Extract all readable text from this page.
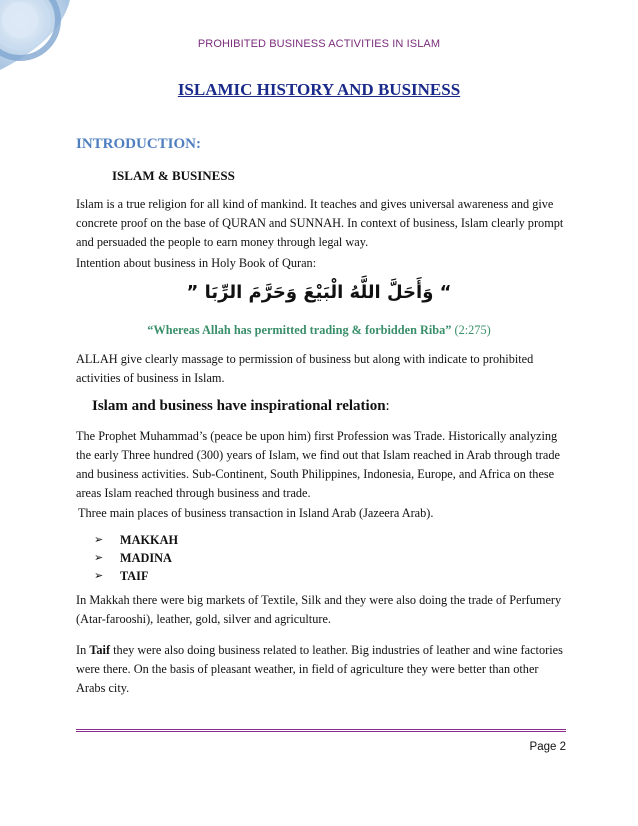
PROHIBITED BUSINESS ACTIVITIES IN ISLAM
ISLAMIC HISTORY AND BUSINESS
INTRODUCTION:
ISLAM & BUSINESS

Islam is a true religion for all kind of mankind. It teaches and gives universal awareness and give concrete proof on the base of QURAN and SUNNAH. In context of business, Islam clearly prompt and persuaded the people to earn money through legal way.

Intention about business in Holy Book of Quran:

“ وَأَحَلَّ اللَّهُ الْبَيْعَ وَحَرَّمَ الرِّبَا ”
“Whereas Allah has permitted trading & forbidden Riba” (2:275)

ALLAH give clearly massage to permission of business but along with indicate to prohibited activities of business in Islam.

Islam and business have inspirational relation:

The Prophet Muhammad’s (peace be upon him) first Profession was Trade. Historically analyzing the early Three hundred (300) years of Islam, we find out that Islam reached in Arab through trade and business activities. Sub-Continent, South Philippines, Indonesia, Europe, and Africa on these areas Islam reached through business and trade.

Three main places of business transaction in Island Arab (Jazeera Arab).

➢	MAKKAH
➢	MADINA
➢	TAIF

In Makkah there were big markets of Textile, Silk and they were also doing the trade of Perfumery (Atar-farooshi), leather, gold, silver and agriculture.

In Taif they were also doing business related to leather. Big industries of leather and wine factories were there. On the basis of pleasant weather, in field of agriculture they were better than other Arabs city.

Page 2
